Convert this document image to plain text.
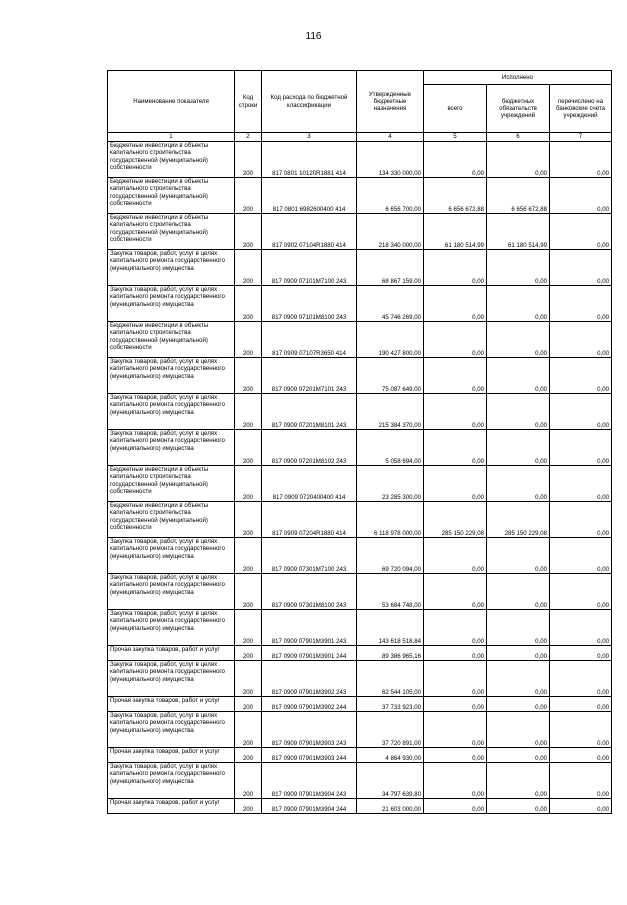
116
Наименование показателя	Код строки	Код расхода по бюджетной классификации	Утвержденные бюджетные назначения	Исполнено		
				всего	бюджетных обязательств учреждений	перечислено на банковские счета учреждений
1	2	3	4	5	6	7
Бюджетные инвестиции в объекты капитального строительства государственной (муниципальной) собственности	200	817 0801 10120R1881 414	134 330 000,00	0,00	0,00	0,00
Бюджетные инвестиции в объекты капитального строительства государственной (муниципальной) собственности	200	817 0801 6982600400 414	6 656 700,00	6 656 672,88	6 656 672,88	0,00
Бюджетные инвестиции в объекты капитального строительства государственной (муниципальной) собственности	200	817 0902 07104R1880 414	218 340 000,00	61 180 514,99	61 180 514,99	0,00
Закупка товаров, работ, услуг в целях капитального ремонта государственного (муниципального) имущества	200	817 0909 07101M7100 243	68 867 159,00	0,00	0,00	0,00
Закупка товаров, работ, услуг в целях капитального ремонта государственного (муниципального) имущества	200	817 0909 07101M8100 243	45 746 269,00	0,00	0,00	0,00
Бюджетные инвестиции в объекты капитального строительства государственной (муниципальной) собственности	200	817 0909 07107R3650 414	190 427 800,00	0,00	0,00	0,00
Закупка товаров, работ, услуг в целях капитального ремонта государственного (муниципального) имущества	200	817 0909 07201M7101 243	75 087 649,00	0,00	0,00	0,00
Закупка товаров, работ, услуг в целях капитального ремонта государственного (муниципального) имущества	200	817 0909 07201M8101 243	215 384 370,00	0,00	0,00	0,00
Закупка товаров, работ, услуг в целях капитального ремонта государственного (муниципального) имущества	200	817 0909 07201M8102 243	5 058 694,00	0,00	0,00	0,00
Бюджетные инвестиции в объекты капитального строительства государственной (муниципальной) собственности	200	817 0909 0720400400 414	23 285 300,00	0,00	0,00	0,00
Бюджетные инвестиции в объекты капитального строительства государственной (муниципальной) собственности	200	817 0909 07204R1880 414	6 118 978 000,00	285 150 229,08	285 150 229,08	0,00
Закупка товаров, работ, услуг в целях капитального ремонта государственного (муниципального) имущества	200	817 0909 07301M7100 243	69 720 094,00	0,00	0,00	0,00
Закупка товаров, работ, услуг в целях капитального ремонта государственного (муниципального) имущества	200	817 0909 07301M8100 243	53 684 748,00	0,00	0,00	0,00
Закупка товаров, работ, услуг в целях капитального ремонта государственного (муниципального) имущества	200	817 0909 07901M3901 243	143 618 518,84	0,00	0,00	0,00
Прочая закупка товаров, работ и услуг	200	817 0909 07901M3901 244	89 386 965,16	0,00	0,00	0,00
Закупка товаров, работ, услуг в целях капитального ремонта государственного (муниципального) имущества	200	817 0909 07901M3902 243	62 544 105,00	0,00	0,00	0,00
Прочая закупка товаров, работ и услуг	200	817 0909 07901M3902 244	37 733 923,00	0,00	0,00	0,00
Закупка товаров, работ, услуг в целях капитального ремонта государственного (муниципального) имущества	200	817 0909 07901M3903 243	37 720 891,00	0,00	0,00	0,00
Прочая закупка товаров, работ и услуг	200	817 0909 07901M3903 244	4 864 930,00	0,00	0,00	0,00
Закупка товаров, работ, услуг в целях капитального ремонта государственного (муниципального) имущества	200	817 0909 07901M3904 243	34 797 639,80	0,00	0,00	0,00
Прочая закупка товаров, работ и услуг	200	817 0909 07901M3904 244	21 603 000,00	0,00	0,00	0,00
